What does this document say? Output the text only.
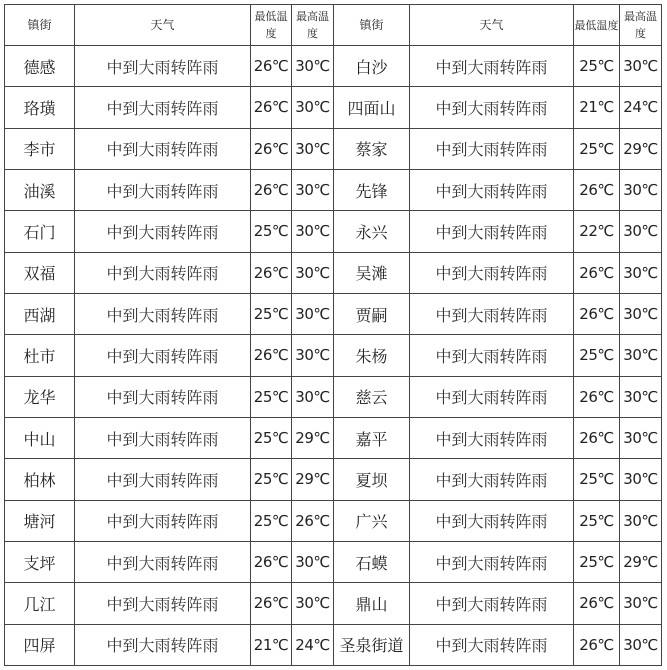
镇街	天气	最低温度	最高温度	镇街	天气	最低温度	最高温度
德感	中到大雨转阵雨	26℃	30℃	白沙	中到大雨转阵雨	25℃	30℃
珞璜	中到大雨转阵雨	26℃	30℃	四面山	中到大雨转阵雨	21℃	24℃
李市	中到大雨转阵雨	26℃	30℃	蔡家	中到大雨转阵雨	25℃	29℃
油溪	中到大雨转阵雨	26℃	30℃	先锋	中到大雨转阵雨	26℃	30℃
石门	中到大雨转阵雨	25℃	30℃	永兴	中到大雨转阵雨	22℃	30℃
双福	中到大雨转阵雨	26℃	30℃	吴滩	中到大雨转阵雨	26℃	30℃
西湖	中到大雨转阵雨	25℃	30℃	贾嗣	中到大雨转阵雨	26℃	30℃
杜市	中到大雨转阵雨	26℃	30℃	朱杨	中到大雨转阵雨	25℃	30℃
龙华	中到大雨转阵雨	25℃	30℃	慈云	中到大雨转阵雨	26℃	30℃
中山	中到大雨转阵雨	25℃	29℃	嘉平	中到大雨转阵雨	26℃	30℃
柏林	中到大雨转阵雨	25℃	29℃	夏坝	中到大雨转阵雨	25℃	30℃
塘河	中到大雨转阵雨	25℃	26℃	广兴	中到大雨转阵雨	25℃	30℃
支坪	中到大雨转阵雨	26℃	30℃	石蟆	中到大雨转阵雨	25℃	29℃
几江	中到大雨转阵雨	26℃	30℃	鼎山	中到大雨转阵雨	26℃	30℃
四屏	中到大雨转阵雨	21℃	24℃	圣泉街道	中到大雨转阵雨	26℃	30℃
